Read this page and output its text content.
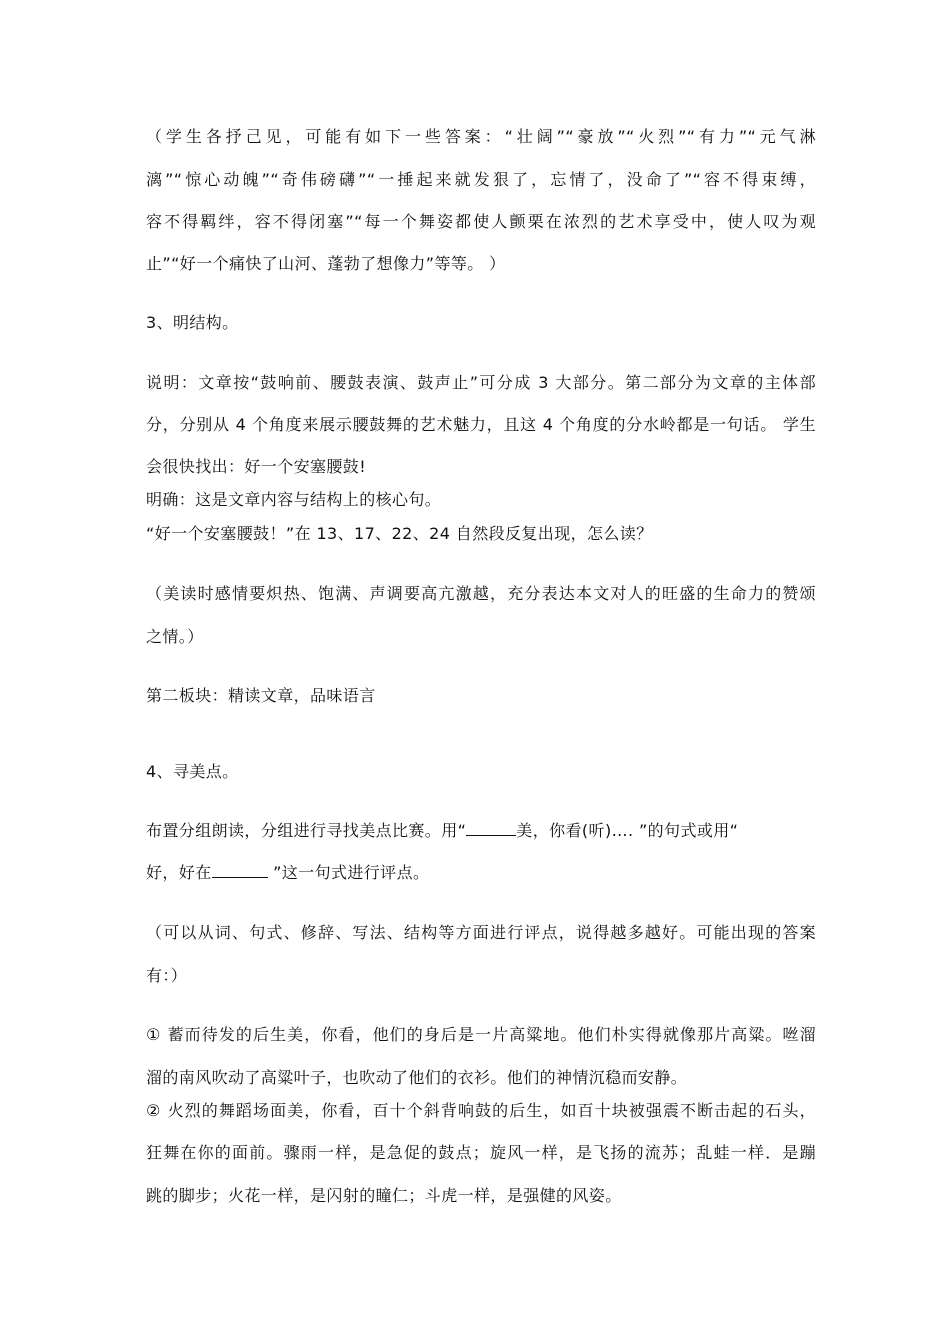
（学生各抒己见，可能有如下一些答案：“壮阔”“豪放”“火烈”“有力”“元气淋
漓”“惊心动魄”“奇伟磅礴”“一捶起来就发狠了，忘情了，没命了”“容不得束缚，
容不得羁绊，容不得闭塞”“每一个舞姿都使人颤栗在浓烈的艺术享受中，使人叹为观
止”“好一个痛快了山河、蓬勃了想像力”等等。 ）
3、明结构。
说明：文章按“鼓响前、腰鼓表演、鼓声止”可分成 3 大部分。第二部分为文章的主体部
分，分别从 4 个角度来展示腰鼓舞的艺术魅力，且这 4 个角度的分水岭都是一句话。 学生
会很快找出：好一个安塞腰鼓!
明确：这是文章内容与结构上的核心句。
“好一个安塞腰鼓！”在 13、17、22、24 自然段反复出现，怎么读？
（美读时感情要炽热、饱满、声调要高亢激越，充分表达本文对人的旺盛的生命力的赞颂
之情。）
第二板块：精读文章，品味语言
4、寻美点。
布置分组朗读，分组进行寻找美点比赛。用“	美，你看(听)…. ”的句式或用“
好，好在	”这一句式进行评点。
（可以从词、句式、修辞、写法、结构等方面进行评点，说得越多越好。可能出现的答案
有：）
① 蓄而待发的后生美，你看，他们的身后是一片高粱地。他们朴实得就像那片高粱。咝溜
溜的南风吹动了高粱叶子，也吹动了他们的衣衫。他们的神情沉稳而安静。
② 火烈的舞蹈场面美，你看，百十个斜背响鼓的后生，如百十块被强震不断击起的石头，
狂舞在你的面前。骤雨一样，是急促的鼓点；旋风一样，是飞扬的流苏；乱蛙一样．是蹦
跳的脚步；火花一样，是闪射的瞳仁；斗虎一样，是强健的风姿。
